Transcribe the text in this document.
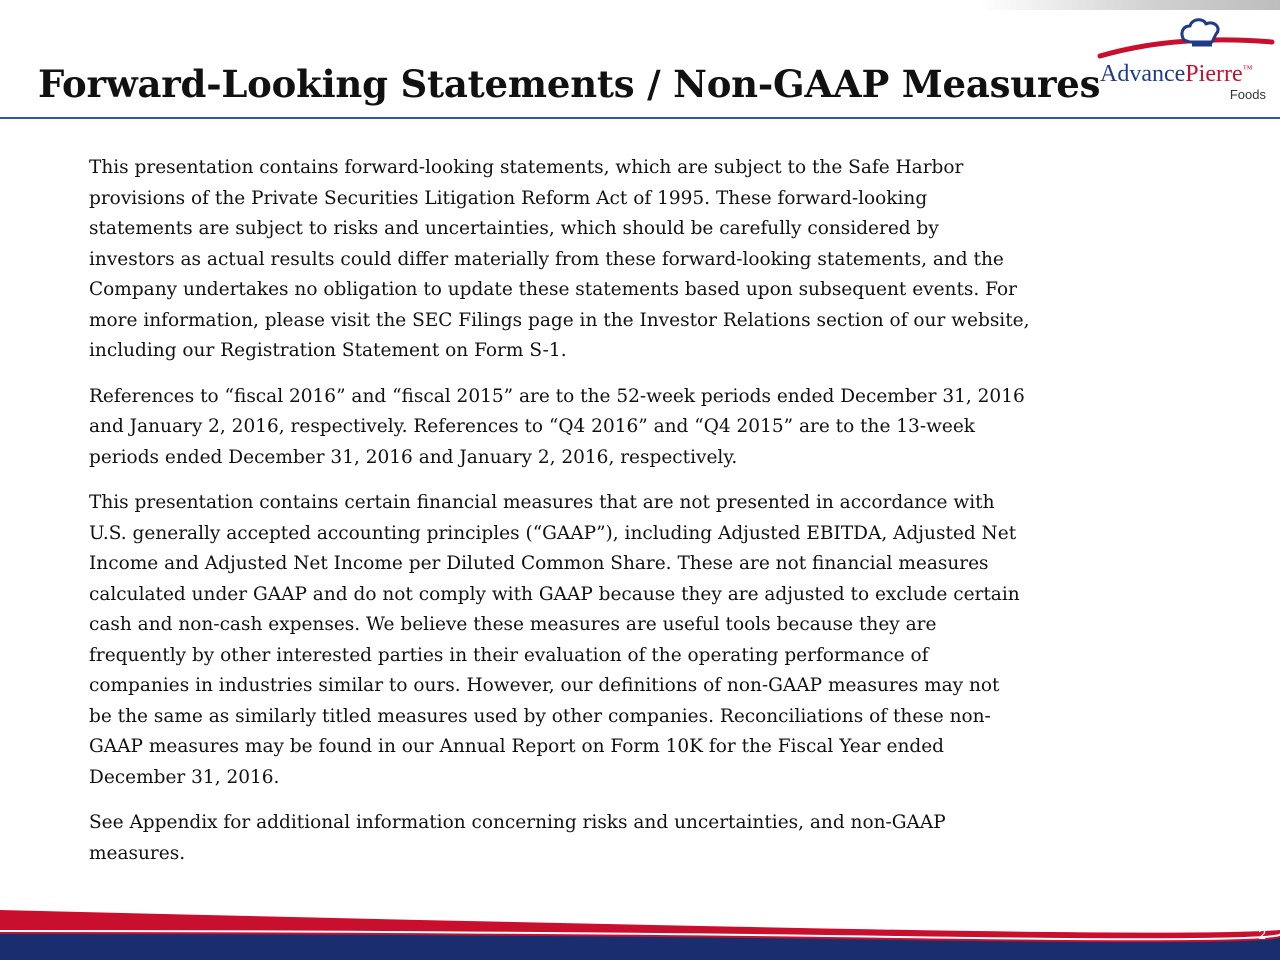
Forward-Looking Statements / Non-GAAP Measures AdvancePierre™
Foods

This presentation contains forward-looking statements, which are subject to the Safe Harbor
provisions of the Private Securities Litigation Reform Act of 1995. These forward-looking
statements are subject to risks and uncertainties, which should be carefully considered by
investors as actual results could differ materially from these forward-looking statements, and the
Company undertakes no obligation to update these statements based upon subsequent events. For
more information, please visit the SEC Filings page in the Investor Relations section of our website,
including our Registration Statement on Form S-1.

References to “fiscal 2016” and “fiscal 2015” are to the 52-week periods ended December 31, 2016
and January 2, 2016, respectively. References to “Q4 2016” and “Q4 2015” are to the 13-week
periods ended December 31, 2016 and January 2, 2016, respectively.

This presentation contains certain financial measures that are not presented in accordance with
U.S. generally accepted accounting principles (“GAAP”), including Adjusted EBITDA, Adjusted Net
Income and Adjusted Net Income per Diluted Common Share. These are not financial measures
calculated under GAAP and do not comply with GAAP because they are adjusted to exclude certain
cash and non-cash expenses. We believe these measures are useful tools because they are
frequently by other interested parties in their evaluation of the operating performance of
companies in industries similar to ours. However, our definitions of non-GAAP measures may not
be the same as similarly titled measures used by other companies. Reconciliations of these non-
GAAP measures may be found in our Annual Report on Form 10K for the Fiscal Year ended
December 31, 2016.

See Appendix for additional information concerning risks and uncertainties, and non-GAAP
measures.

2
